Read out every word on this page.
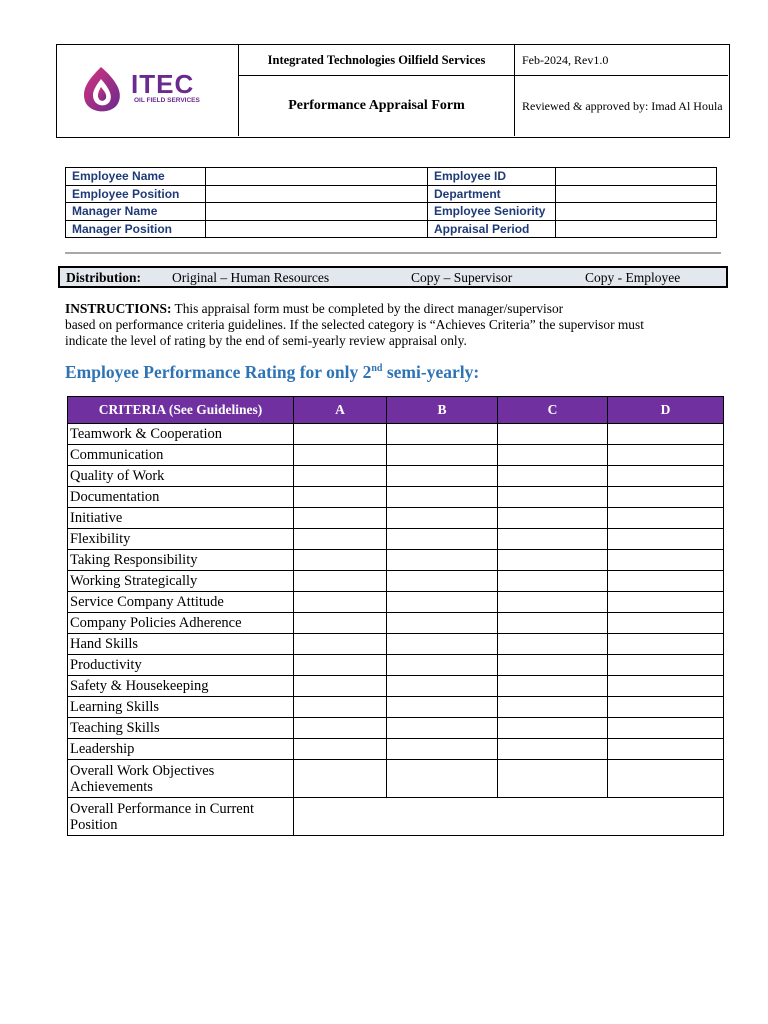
ITEC
OIL FIELD SERVICES
Integrated Technologies Oilfield Services
Performance Appraisal Form
Feb-2024, Rev1.0
Reviewed & approved by: Imad Al Houla
Employee Name		Employee ID	
Employee Position		Department	
Manager Name		Employee Seniority	
Manager Position		Appraisal Period	
Distribution: Original – Human Resources	Copy – Supervisor	Copy - Employee
INSTRUCTIONS: This appraisal form must be completed by the direct manager/supervisor
based on performance criteria guidelines. If the selected category is “Achieves Criteria” the supervisor must
indicate the level of rating by the end of semi-yearly review appraisal only.
Employee Performance Rating for only 2nd semi-yearly:
CRITERIA (See Guidelines)	A	B	C	D
Teamwork & Cooperation				
Communication				
Quality of Work				
Documentation				
Initiative				
Flexibility				
Taking Responsibility				
Working Strategically				
Service Company Attitude				
Company Policies Adherence				
Hand Skills				
Productivity				
Safety & Housekeeping				
Learning Skills				
Teaching Skills				
Leadership				
Overall Work Objectives Achievements				
Overall Performance in Current Position				
